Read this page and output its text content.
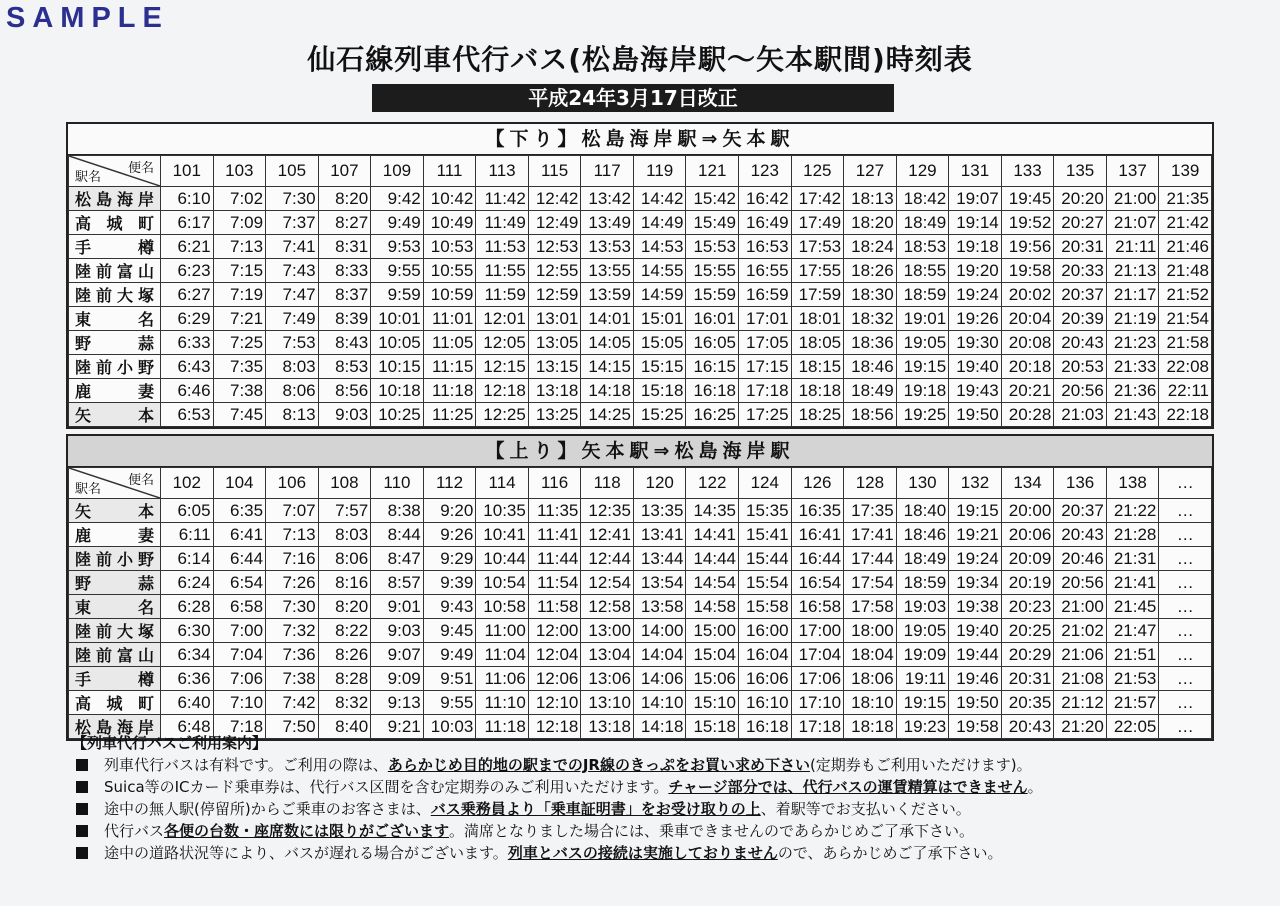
SAMPLE
仙石線列車代行バス(松島海岸駅～矢本駅間)時刻表
平成24年3月17日改正
【下り】松島海岸駅⇒矢本駅
便名
駅名	101	103	105	107	109	111	113	115	117	119	121	123	125	127	129	131	133	135	137	139
松島海岸	6:10	7:02	7:30	8:20	9:42	10:42	11:42	12:42	13:42	14:42	15:42	16:42	17:42	18:13	18:42	19:07	19:45	20:20	21:00	21:35
高城町	6:17	7:09	7:37	8:27	9:49	10:49	11:49	12:49	13:49	14:49	15:49	16:49	17:49	18:20	18:49	19:14	19:52	20:27	21:07	21:42
手樽	6:21	7:13	7:41	8:31	9:53	10:53	11:53	12:53	13:53	14:53	15:53	16:53	17:53	18:24	18:53	19:18	19:56	20:31	21:11	21:46
陸前富山	6:23	7:15	7:43	8:33	9:55	10:55	11:55	12:55	13:55	14:55	15:55	16:55	17:55	18:26	18:55	19:20	19:58	20:33	21:13	21:48
陸前大塚	6:27	7:19	7:47	8:37	9:59	10:59	11:59	12:59	13:59	14:59	15:59	16:59	17:59	18:30	18:59	19:24	20:02	20:37	21:17	21:52
東名	6:29	7:21	7:49	8:39	10:01	11:01	12:01	13:01	14:01	15:01	16:01	17:01	18:01	18:32	19:01	19:26	20:04	20:39	21:19	21:54
野蒜	6:33	7:25	7:53	8:43	10:05	11:05	12:05	13:05	14:05	15:05	16:05	17:05	18:05	18:36	19:05	19:30	20:08	20:43	21:23	21:58
陸前小野	6:43	7:35	8:03	8:53	10:15	11:15	12:15	13:15	14:15	15:15	16:15	17:15	18:15	18:46	19:15	19:40	20:18	20:53	21:33	22:08
鹿妻	6:46	7:38	8:06	8:56	10:18	11:18	12:18	13:18	14:18	15:18	16:18	17:18	18:18	18:49	19:18	19:43	20:21	20:56	21:36	22:11
矢本	6:53	7:45	8:13	9:03	10:25	11:25	12:25	13:25	14:25	15:25	16:25	17:25	18:25	18:56	19:25	19:50	20:28	21:03	21:43	22:18
【上り】矢本駅⇒松島海岸駅
便名
駅名	102	104	106	108	110	112	114	116	118	120	122	124	126	128	130	132	134	136	138	…
矢本	6:05	6:35	7:07	7:57	8:38	9:20	10:35	11:35	12:35	13:35	14:35	15:35	16:35	17:35	18:40	19:15	20:00	20:37	21:22	…
鹿妻	6:11	6:41	7:13	8:03	8:44	9:26	10:41	11:41	12:41	13:41	14:41	15:41	16:41	17:41	18:46	19:21	20:06	20:43	21:28	…
陸前小野	6:14	6:44	7:16	8:06	8:47	9:29	10:44	11:44	12:44	13:44	14:44	15:44	16:44	17:44	18:49	19:24	20:09	20:46	21:31	…
野蒜	6:24	6:54	7:26	8:16	8:57	9:39	10:54	11:54	12:54	13:54	14:54	15:54	16:54	17:54	18:59	19:34	20:19	20:56	21:41	…
東名	6:28	6:58	7:30	8:20	9:01	9:43	10:58	11:58	12:58	13:58	14:58	15:58	16:58	17:58	19:03	19:38	20:23	21:00	21:45	…
陸前大塚	6:30	7:00	7:32	8:22	9:03	9:45	11:00	12:00	13:00	14:00	15:00	16:00	17:00	18:00	19:05	19:40	20:25	21:02	21:47	…
陸前富山	6:34	7:04	7:36	8:26	9:07	9:49	11:04	12:04	13:04	14:04	15:04	16:04	17:04	18:04	19:09	19:44	20:29	21:06	21:51	…
手樽	6:36	7:06	7:38	8:28	9:09	9:51	11:06	12:06	13:06	14:06	15:06	16:06	17:06	18:06	19:11	19:46	20:31	21:08	21:53	…
高城町	6:40	7:10	7:42	8:32	9:13	9:55	11:10	12:10	13:10	14:10	15:10	16:10	17:10	18:10	19:15	19:50	20:35	21:12	21:57	…
松島海岸	6:48	7:18	7:50	8:40	9:21	10:03	11:18	12:18	13:18	14:18	15:18	16:18	17:18	18:18	19:23	19:58	20:43	21:20	22:05	…
【列車代行バスご利用案内】
列車代行バスは有料です。ご利用の際は、あらかじめ目的地の駅までのJR線のきっぷをお買い求め下さい(定期券もご利用いただけます)。
Suica等のICカード乗車券は、代行バス区間を含む定期券のみご利用いただけます。チャージ部分では、代行バスの運賃精算はできません。
途中の無人駅(停留所)からご乗車のお客さまは、バス乗務員より「乗車証明書」をお受け取りの上、着駅等でお支払いください。
代行バス各便の台数・座席数には限りがございます。満席となりました場合には、乗車できませんのであらかじめご了承下さい。
途中の道路状況等により、バスが遅れる場合がございます。列車とバスの接続は実施しておりませんので、あらかじめご了承下さい。
